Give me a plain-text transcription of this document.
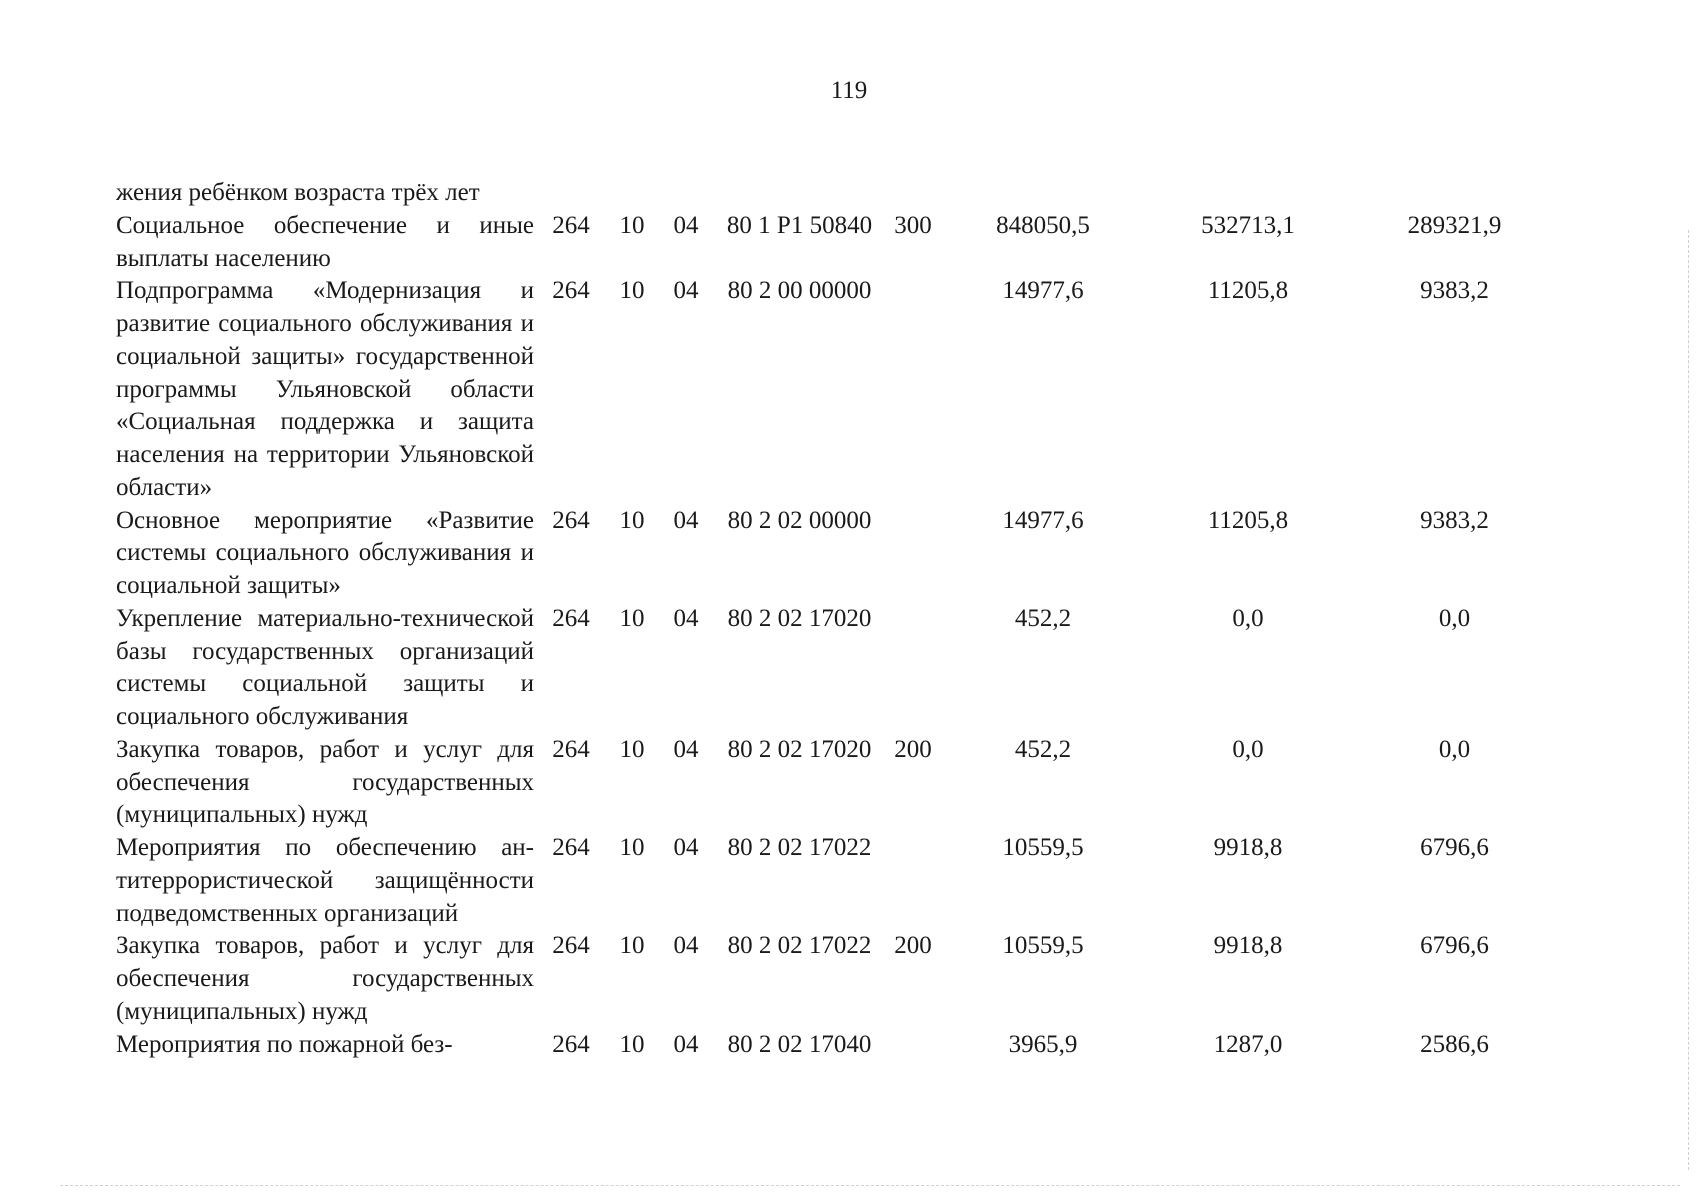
119
жения ребёнком возраста трёх лет								
Социальное обеспечение и иные выплаты населению	264	10	04	80 1 P1 50840	300	848050,5	532713,1	289321,9
Подпрограмма «Модернизация и развитие социального обслуживания и социальной защиты» государственной программы Ульяновской области «Социальная поддержка и защита населения на территории Ульяновской области»	264	10	04	80 2 00 00000		14977,6	11205,8	9383,2
Основное мероприятие «Развитие системы социального обслуживания и социальной защиты»	264	10	04	80 2 02 00000		14977,6	11205,8	9383,2
Укрепление материально-технической базы государственных организаций системы социальной защиты и социального обслуживания	264	10	04	80 2 02 17020		452,2	0,0	0,0
Закупка товаров, работ и услуг для обеспечения государственных (муниципальных) нужд	264	10	04	80 2 02 17020	200	452,2	0,0	0,0
Мероприятия по обеспечению антитеррористической защищённости подведомственных организаций	264	10	04	80 2 02 17022		10559,5	9918,8	6796,6
Закупка товаров, работ и услуг для обеспечения государственных (муниципальных) нужд	264	10	04	80 2 02 17022	200	10559,5	9918,8	6796,6
Мероприятия по пожарной без-	264	10	04	80 2 02 17040		3965,9	1287,0	2586,6
